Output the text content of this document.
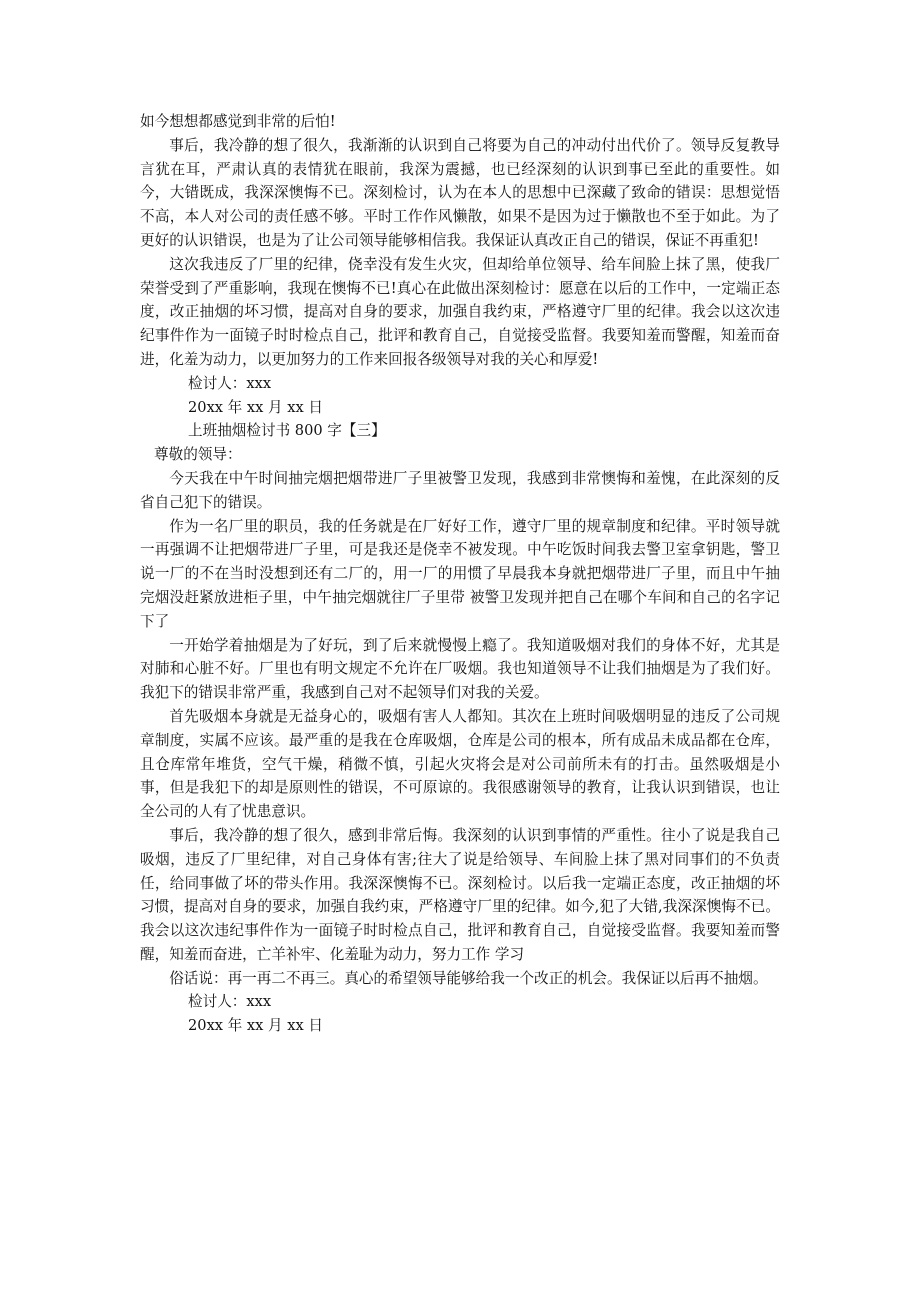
如今想想都感觉到非常的后怕!

事后，我冷静的想了很久，我渐渐的认识到自己将要为自己的冲动付出代价了。领导反复教导言犹在耳，严肃认真的表情犹在眼前，我深为震撼，也已经深刻的认识到事已至此的重要性。如今，大错既成，我深深懊悔不已。深刻检讨，认为在本人的思想中已深藏了致命的错误：思想觉悟不高，本人对公司的责任感不够。平时工作作风懒散，如果不是因为过于懒散也不至于如此。为了更好的认识错误，也是为了让公司领导能够相信我。我保证认真改正自己的错误，保证不再重犯!

这次我违反了厂里的纪律，侥幸没有发生火灾，但却给单位领导、给车间脸上抹了黑，使我厂荣誉受到了严重影响，我现在懊悔不已!真心在此做出深刻检讨：愿意在以后的工作中，一定端正态度，改正抽烟的坏习惯，提高对自身的要求，加强自我约束，严格遵守厂里的纪律。我会以这次违纪事件作为一面镜子时时检点自己，批评和教育自己，自觉接受监督。我要知羞而警醒，知羞而奋进，化羞为动力，以更加努力的工作来回报各级领导对我的关心和厚爱!

检讨人：xxx

20xx 年 xx 月 xx 日

上班抽烟检讨书 800 字【三】

尊敬的领导：

今天我在中午时间抽完烟把烟带进厂子里被警卫发现，我感到非常懊悔和羞愧，在此深刻的反省自己犯下的错误。

作为一名厂里的职员，我的任务就是在厂好好工作，遵守厂里的规章制度和纪律。平时领导就一再强调不让把烟带进厂子里，可是我还是侥幸不被发现。中午吃饭时间我去警卫室拿钥匙，警卫说一厂的不在当时没想到还有二厂的，用一厂的用惯了早晨我本身就把烟带进厂子里，而且中午抽完烟没赶紧放进柜子里，中午抽完烟就往厂子里带 被警卫发现并把自己在哪个车间和自己的名字记下了

一开始学着抽烟是为了好玩，到了后来就慢慢上瘾了。我知道吸烟对我们的身体不好，尤其是对肺和心脏不好。厂里也有明文规定不允许在厂吸烟。我也知道领导不让我们抽烟是为了我们好。我犯下的错误非常严重，我感到自己对不起领导们对我的关爱。

首先吸烟本身就是无益身心的，吸烟有害人人都知。其次在上班时间吸烟明显的违反了公司规章制度，实属不应该。最严重的是我在仓库吸烟，仓库是公司的根本，所有成品未成品都在仓库，且仓库常年堆货，空气干燥，稍微不慎，引起火灾将会是对公司前所未有的打击。虽然吸烟是小事，但是我犯下的却是原则性的错误，不可原谅的。我很感谢领导的教育，让我认识到错误，也让全公司的人有了忧患意识。

事后，我冷静的想了很久，感到非常后悔。我深刻的认识到事情的严重性。往小了说是我自己吸烟，违反了厂里纪律，对自己身体有害;往大了说是给领导、车间脸上抹了黑对同事们的不负责任，给同事做了坏的带头作用。我深深懊悔不已。深刻检讨。以后我一定端正态度，改正抽烟的坏习惯，提高对自身的要求，加强自我约束，严格遵守厂里的纪律。如今,犯了大错,我深深懊悔不已。我会以这次违纪事件作为一面镜子时时检点自己，批评和教育自己，自觉接受监督。我要知羞而警醒，知羞而奋进，亡羊补牢、化羞耻为动力，努力工作 学习

俗话说：再一再二不再三。真心的希望领导能够给我一个改正的机会。我保证以后再不抽烟。

检讨人：xxx

20xx 年 xx 月 xx 日
